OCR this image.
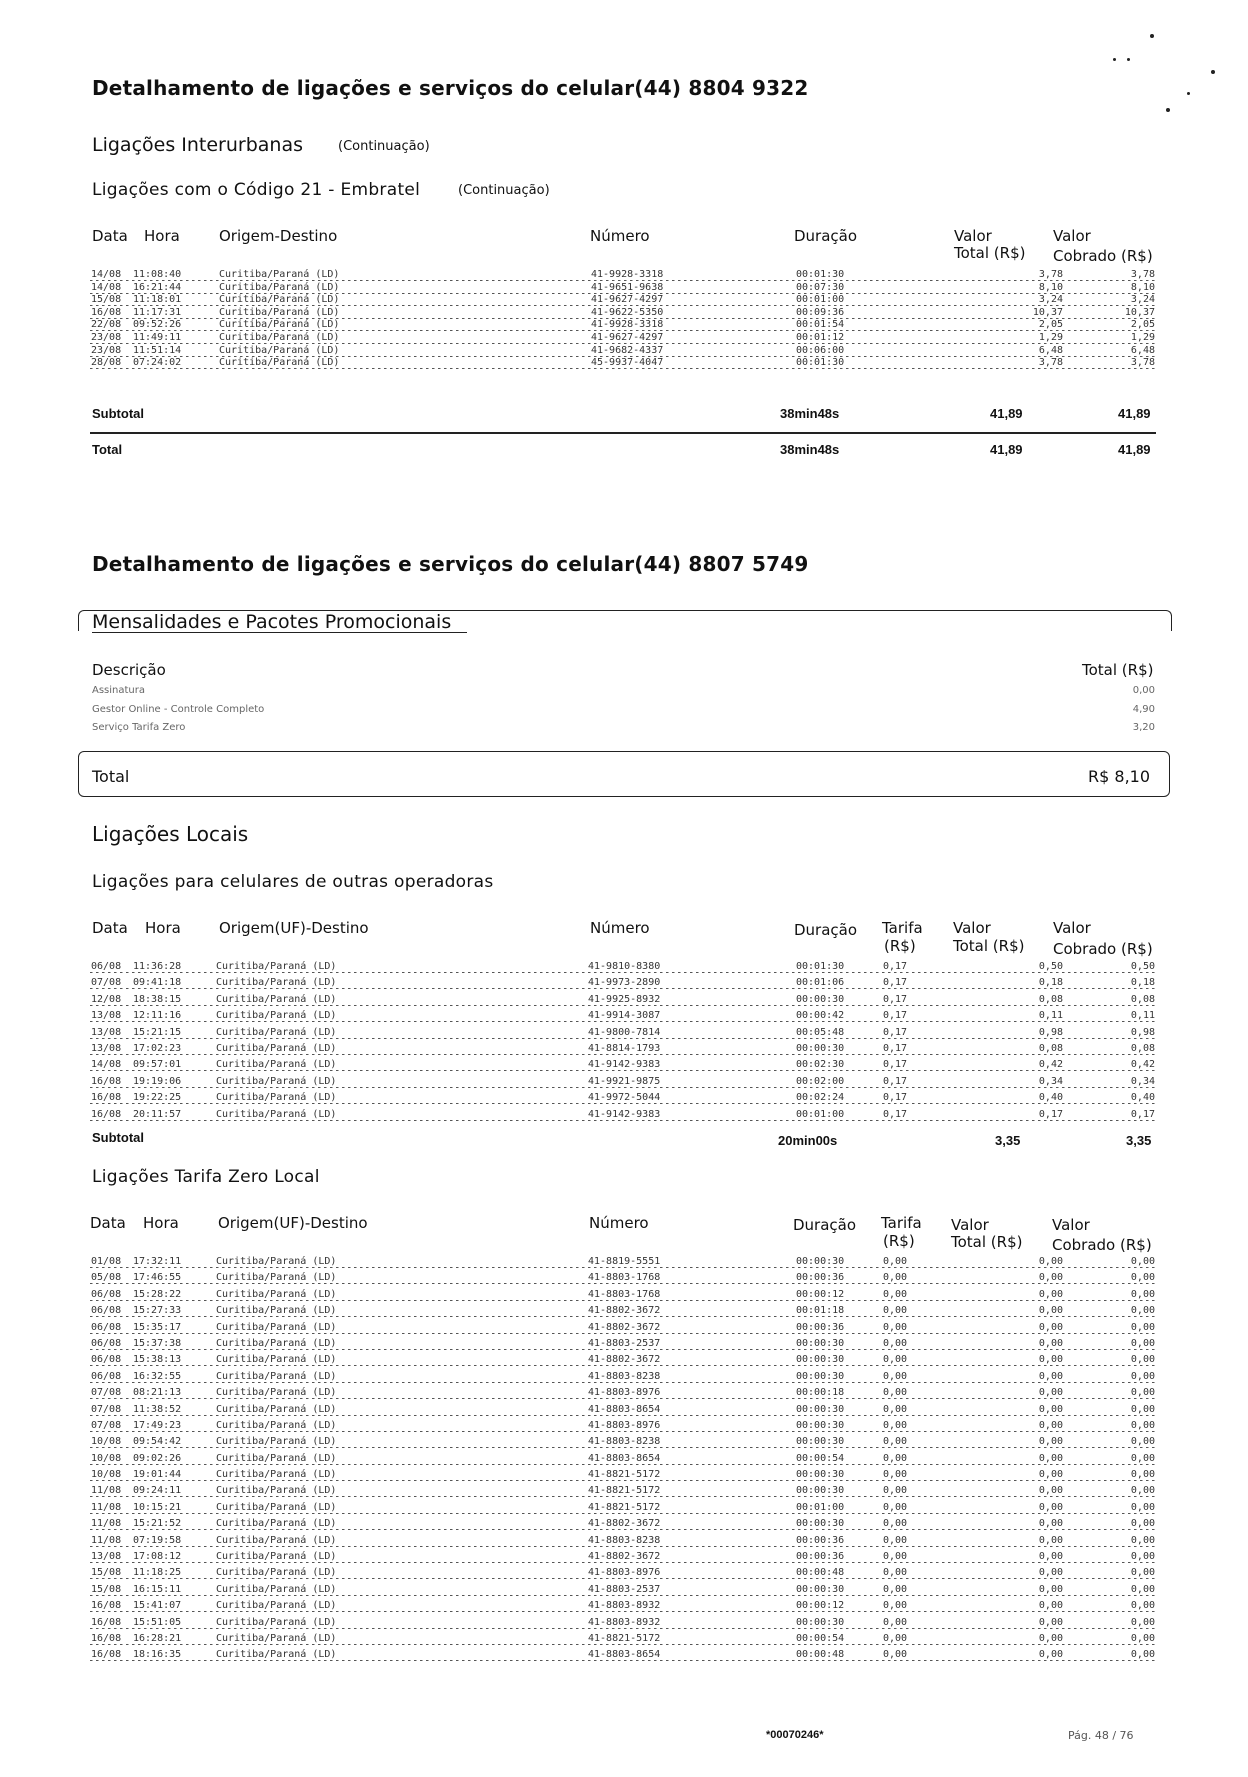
Detalhamento de ligações e serviços do celular(44) 8804 9322
Ligações Interurbanas	(Continuação)
Ligações com o Código 21 - Embratel	(Continuação)
Data Hora	Origem-Destino	Número	Duração	Valor
Total (R$)
Valor
Cobrado (R$)
14/08 11:08:40	Curitiba/Paraná (LD)	41-9928-3318	00:01:30	3,78	3,78
14/08 16:21:44	Curitiba/Paraná (LD)	41-9651-9638	00:07:30	8,10	8,10
15/08 11:18:01	Curitiba/Paraná (LD)	41-9627-4297	00:01:00	3,24	3,24
16/08 11:17:31	Curitiba/Paraná (LD)	41-9622-5350	00:09:36	10,37	10,37
22/08 09:52:26	Curitiba/Paraná (LD)	41-9928-3318	00:01:54	2,05	2,05
23/08 11:49:11	Curitiba/Paraná (LD)	41-9627-4297	00:01:12	1,29	1,29
23/08 11:51:14	Curitiba/Paraná (LD)	41-9682-4337	00:06:00	6,48	6,48
28/08 07:24:02	Curitiba/Paraná (LD)	45-9937-4047	00:01:30	3,78	3,78
Subtotal	38min48s	41,89	41,89
Total	38min48s	41,89	41,89
Detalhamento de ligações e serviços do celular(44) 8807 5749
Mensalidades e Pacotes Promocionais
Descrição	Total (R$)
Assinatura	0,00
Gestor Online - Controle Completo	4,90
Serviço Tarifa Zero	3,20
Total	R$ 8,10
Ligações Locais
Ligações para celulares de outras operadoras
Data Hora	Origem(UF)-Destino	Número	Duração Tarifa
(R$)
Valor
Total (R$)
Valor
Cobrado (R$)
06/08 11:36:28	Curitiba/Paraná (LD)	41-9810-8380	00:01:30	0,17	0,50	0,50
07/08 09:41:18	Curitiba/Paraná (LD)	41-9973-2890	00:01:06	0,17	0,18	0,18
12/08 18:38:15	Curitiba/Paraná (LD)	41-9925-8932	00:00:30	0,17	0,08	0,08
13/08 12:11:16	Curitiba/Paraná (LD)	41-9914-3087	00:00:42	0,17	0,11	0,11
13/08 15:21:15	Curitiba/Paraná (LD)	41-9800-7814	00:05:48	0,17	0,98	0,98
13/08 17:02:23	Curitiba/Paraná (LD)	41-8814-1793	00:00:30	0,17	0,08	0,08
14/08 09:57:01	Curitiba/Paraná (LD)	41-9142-9383	00:02:30	0,17	0,42	0,42
16/08 19:19:06	Curitiba/Paraná (LD)	41-9921-9875	00:02:00	0,17	0,34	0,34
16/08 19:22:25	Curitiba/Paraná (LD)	41-9972-5044	00:02:24	0,17	0,40	0,40
16/08 20:11:57	Curitiba/Paraná (LD)	41-9142-9383	00:01:00	0,17	0,17	0,17
Subtotal	20min00s	3,35	3,35
Ligações Tarifa Zero Local
Data Hora	Origem(UF)-Destino	Número	Duração Tarifa
(R$)
Valor
Total (R$)
Valor
Cobrado (R$)
01/08 17:32:11	Curitiba/Paraná (LD)	41-8819-5551	00:00:30	0,00	0,00	0,00
05/08 17:46:55	Curitiba/Paraná (LD)	41-8803-1768	00:00:36	0,00	0,00	0,00
06/08 15:28:22	Curitiba/Paraná (LD)	41-8803-1768	00:00:12	0,00	0,00	0,00
06/08 15:27:33	Curitiba/Paraná (LD)	41-8802-3672	00:01:18	0,00	0,00	0,00
06/08 15:35:17	Curitiba/Paraná (LD)	41-8802-3672	00:00:36	0,00	0,00	0,00
06/08 15:37:38	Curitiba/Paraná (LD)	41-8803-2537	00:00:30	0,00	0,00	0,00
06/08 15:38:13	Curitiba/Paraná (LD)	41-8802-3672	00:00:30	0,00	0,00	0,00
06/08 16:32:55	Curitiba/Paraná (LD)	41-8803-8238	00:00:30	0,00	0,00	0,00
07/08 08:21:13	Curitiba/Paraná (LD)	41-8803-8976	00:00:18	0,00	0,00	0,00
07/08 11:38:52	Curitiba/Paraná (LD)	41-8803-8654	00:00:30	0,00	0,00	0,00
07/08 17:49:23	Curitiba/Paraná (LD)	41-8803-8976	00:00:30	0,00	0,00	0,00
10/08 09:54:42	Curitiba/Paraná (LD)	41-8803-8238	00:00:30	0,00	0,00	0,00
10/08 09:02:26	Curitiba/Paraná (LD)	41-8803-8654	00:00:54	0,00	0,00	0,00
10/08 19:01:44	Curitiba/Paraná (LD)	41-8821-5172	00:00:30	0,00	0,00	0,00
11/08 09:24:11	Curitiba/Paraná (LD)	41-8821-5172	00:00:30	0,00	0,00	0,00
11/08 10:15:21	Curitiba/Paraná (LD)	41-8821-5172	00:01:00	0,00	0,00	0,00
11/08 15:21:52	Curitiba/Paraná (LD)	41-8802-3672	00:00:30	0,00	0,00	0,00
11/08 07:19:58	Curitiba/Paraná (LD)	41-8803-8238	00:00:36	0,00	0,00	0,00
13/08 17:08:12	Curitiba/Paraná (LD)	41-8802-3672	00:00:36	0,00	0,00	0,00
15/08 11:18:25	Curitiba/Paraná (LD)	41-8803-8976	00:00:48	0,00	0,00	0,00
15/08 16:15:11	Curitiba/Paraná (LD)	41-8803-2537	00:00:30	0,00	0,00	0,00
16/08 15:41:07	Curitiba/Paraná (LD)	41-8803-8932	00:00:12	0,00	0,00	0,00
16/08 15:51:05	Curitiba/Paraná (LD)	41-8803-8932	00:00:30	0,00	0,00	0,00
16/08 16:28:21	Curitiba/Paraná (LD)	41-8821-5172	00:00:54	0,00	0,00	0,00
16/08 18:16:35	Curitiba/Paraná (LD)	41-8803-8654	00:00:48	0,00	0,00	0,00
*00070246*	Pág. 48 / 76
